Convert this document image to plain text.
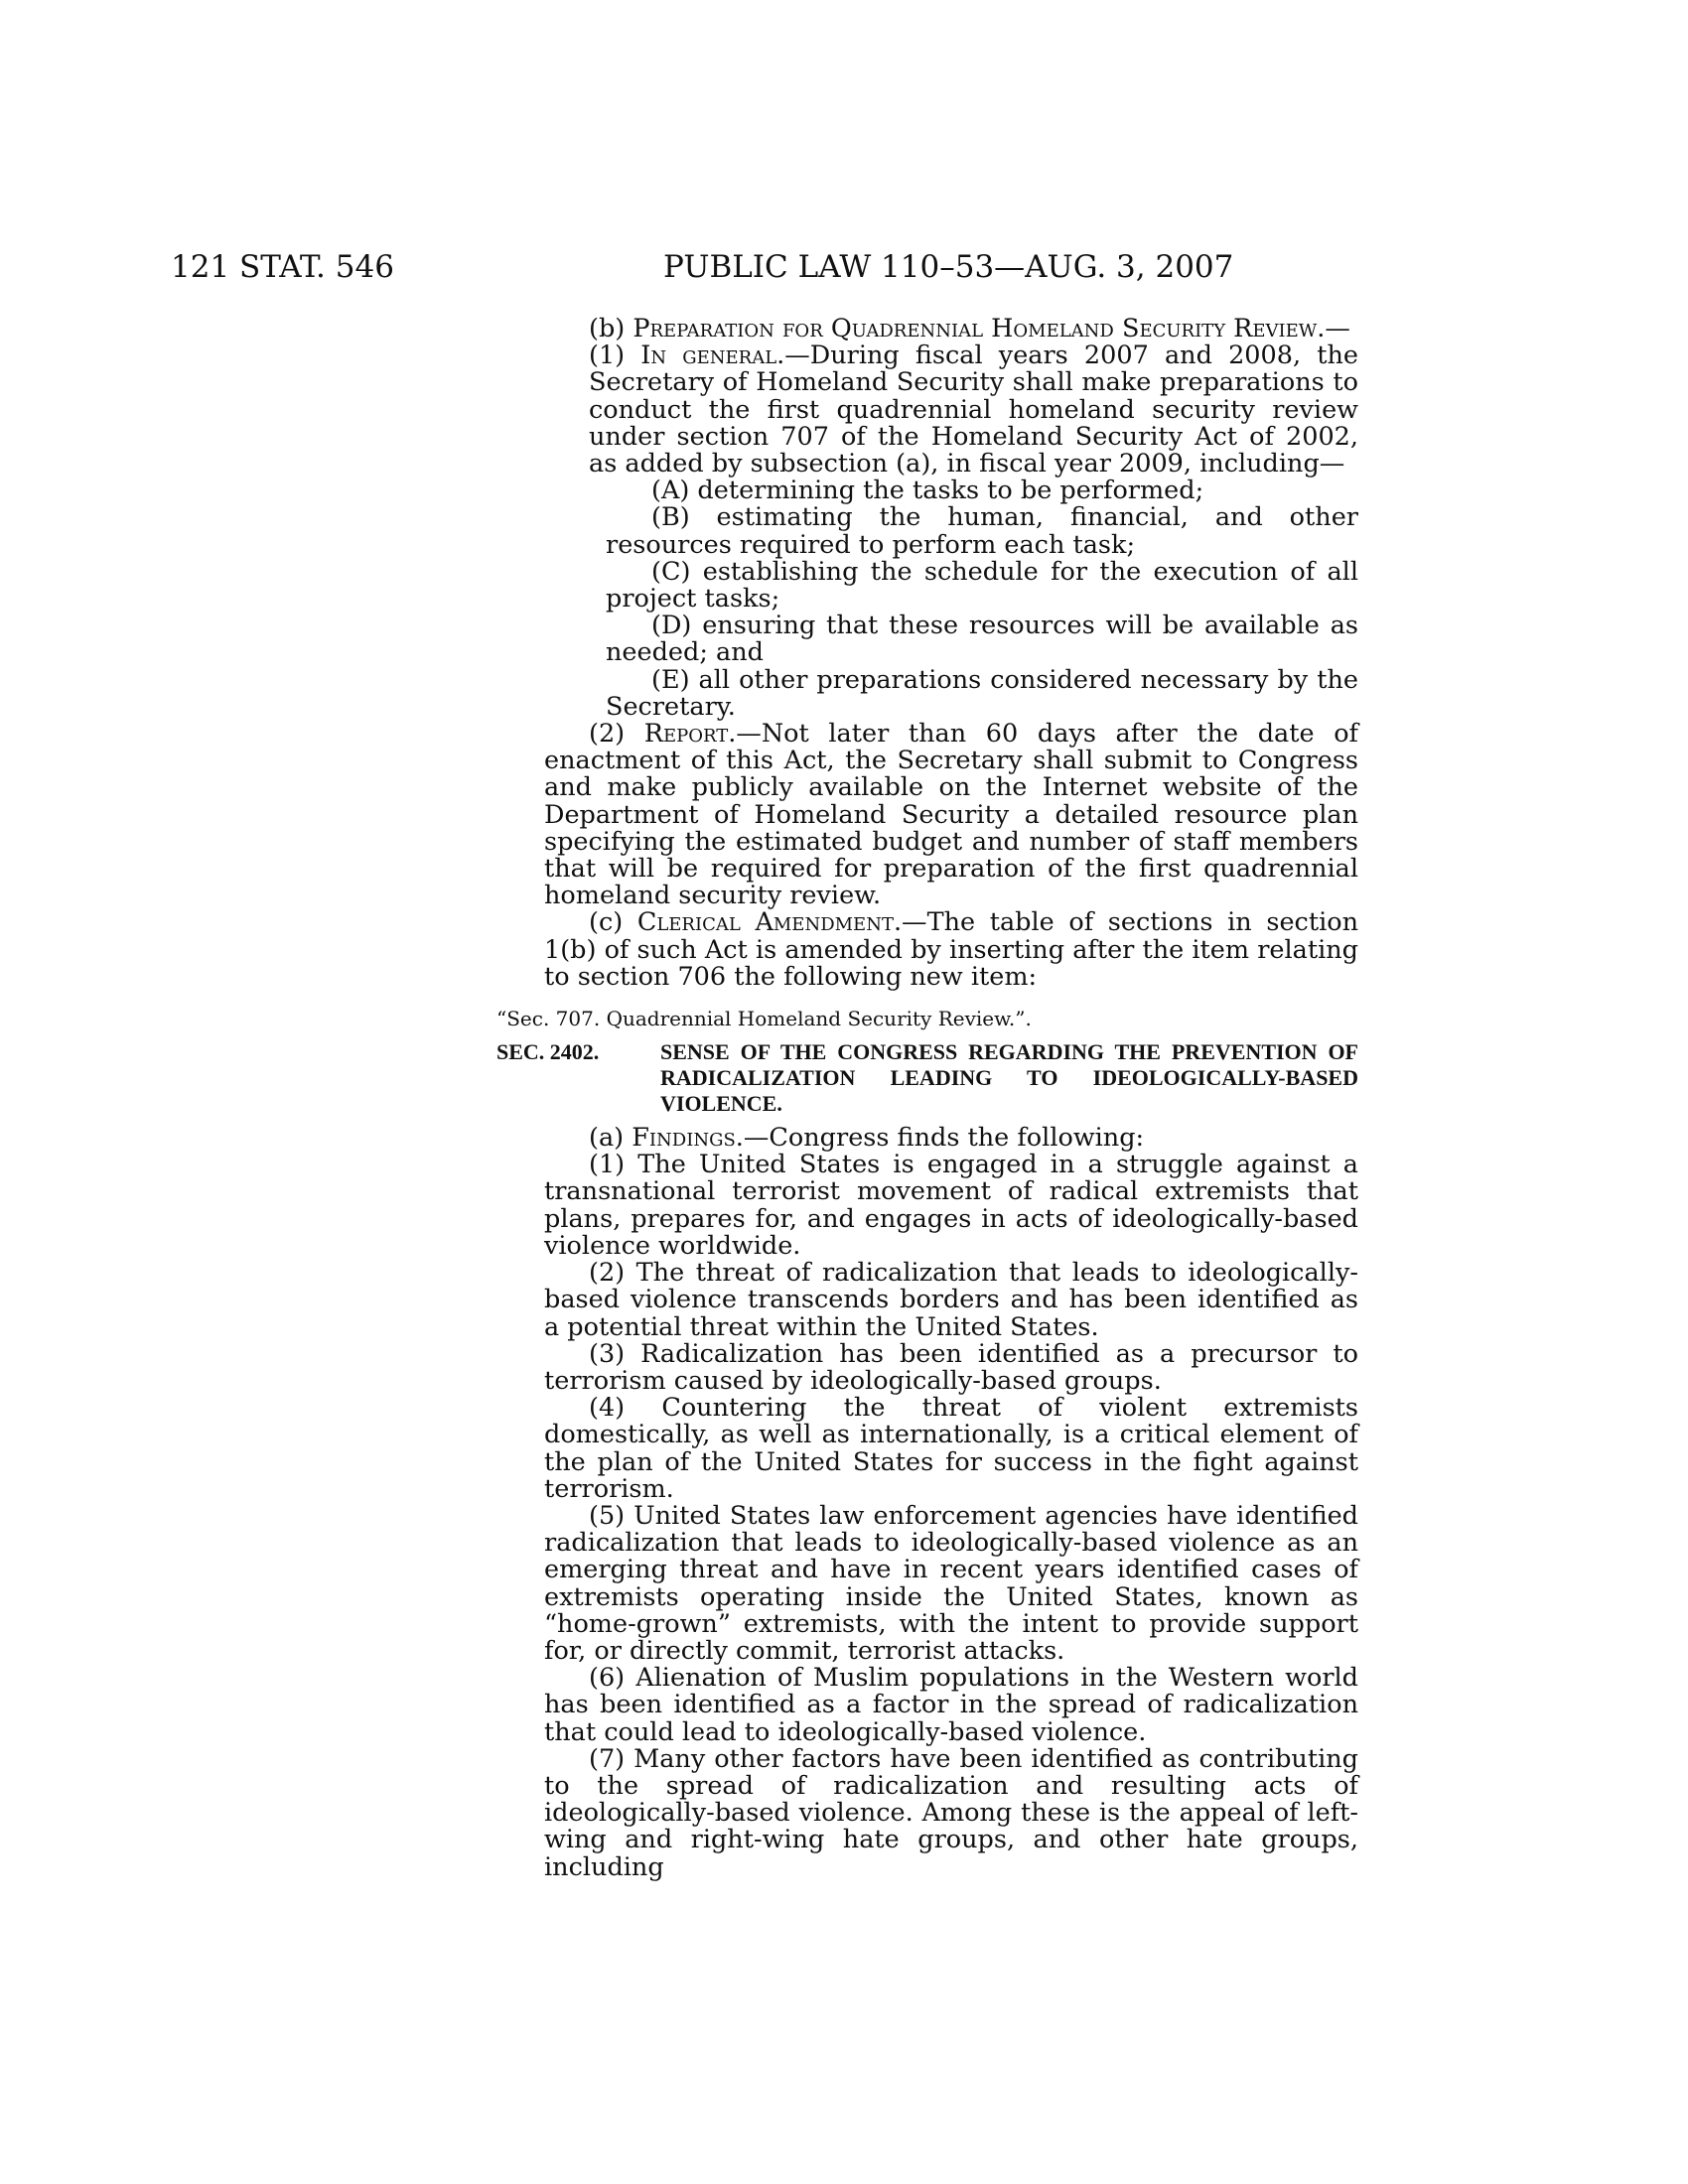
121 STAT. 546	PUBLIC LAW 110–53—AUG. 3, 2007

(b) Preparation for Quadrennial Homeland Security Review.—

(1) In general.—During fiscal years 2007 and 2008, the Secretary of Homeland Security shall make preparations to conduct the first quadrennial homeland security review under section 707 of the Homeland Security Act of 2002, as added by subsection (a), in fiscal year 2009, including—

(A) determining the tasks to be performed;

(B) estimating the human, financial, and other resources required to perform each task;

(C) establishing the schedule for the execution of all project tasks;

(D) ensuring that these resources will be available as needed; and

(E) all other preparations considered necessary by the Secretary.

(2) Report.—Not later than 60 days after the date of enactment of this Act, the Secretary shall submit to Congress and make publicly available on the Internet website of the Department of Homeland Security a detailed resource plan specifying the estimated budget and number of staff members that will be required for preparation of the first quadrennial homeland security review.

(c) Clerical Amendment.—The table of sections in section 1(b) of such Act is amended by inserting after the item relating to section 706 the following new item:

“Sec. 707. Quadrennial Homeland Security Review.”.

SEC. 2402.	SENSE OF THE CONGRESS REGARDING THE PREVENTION OF RADICALIZATION LEADING TO IDEOLOGICALLY-BASED VIOLENCE.

(a) Findings.—Congress finds the following:

(1) The United States is engaged in a struggle against a transnational terrorist movement of radical extremists that plans, prepares for, and engages in acts of ideologically-based violence worldwide.

(2) The threat of radicalization that leads to ideologically-based violence transcends borders and has been identified as a potential threat within the United States.

(3) Radicalization has been identified as a precursor to terrorism caused by ideologically-based groups.

(4) Countering the threat of violent extremists domestically, as well as internationally, is a critical element of the plan of the United States for success in the fight against terrorism.

(5) United States law enforcement agencies have identified radicalization that leads to ideologically-based violence as an emerging threat and have in recent years identified cases of extremists operating inside the United States, known as “home-grown” extremists, with the intent to provide support for, or directly commit, terrorist attacks.

(6) Alienation of Muslim populations in the Western world has been identified as a factor in the spread of radicalization that could lead to ideologically-based violence.

(7) Many other factors have been identified as contributing to the spread of radicalization and resulting acts of ideologically-based violence. Among these is the appeal of left-wing and right-wing hate groups, and other hate groups, including
